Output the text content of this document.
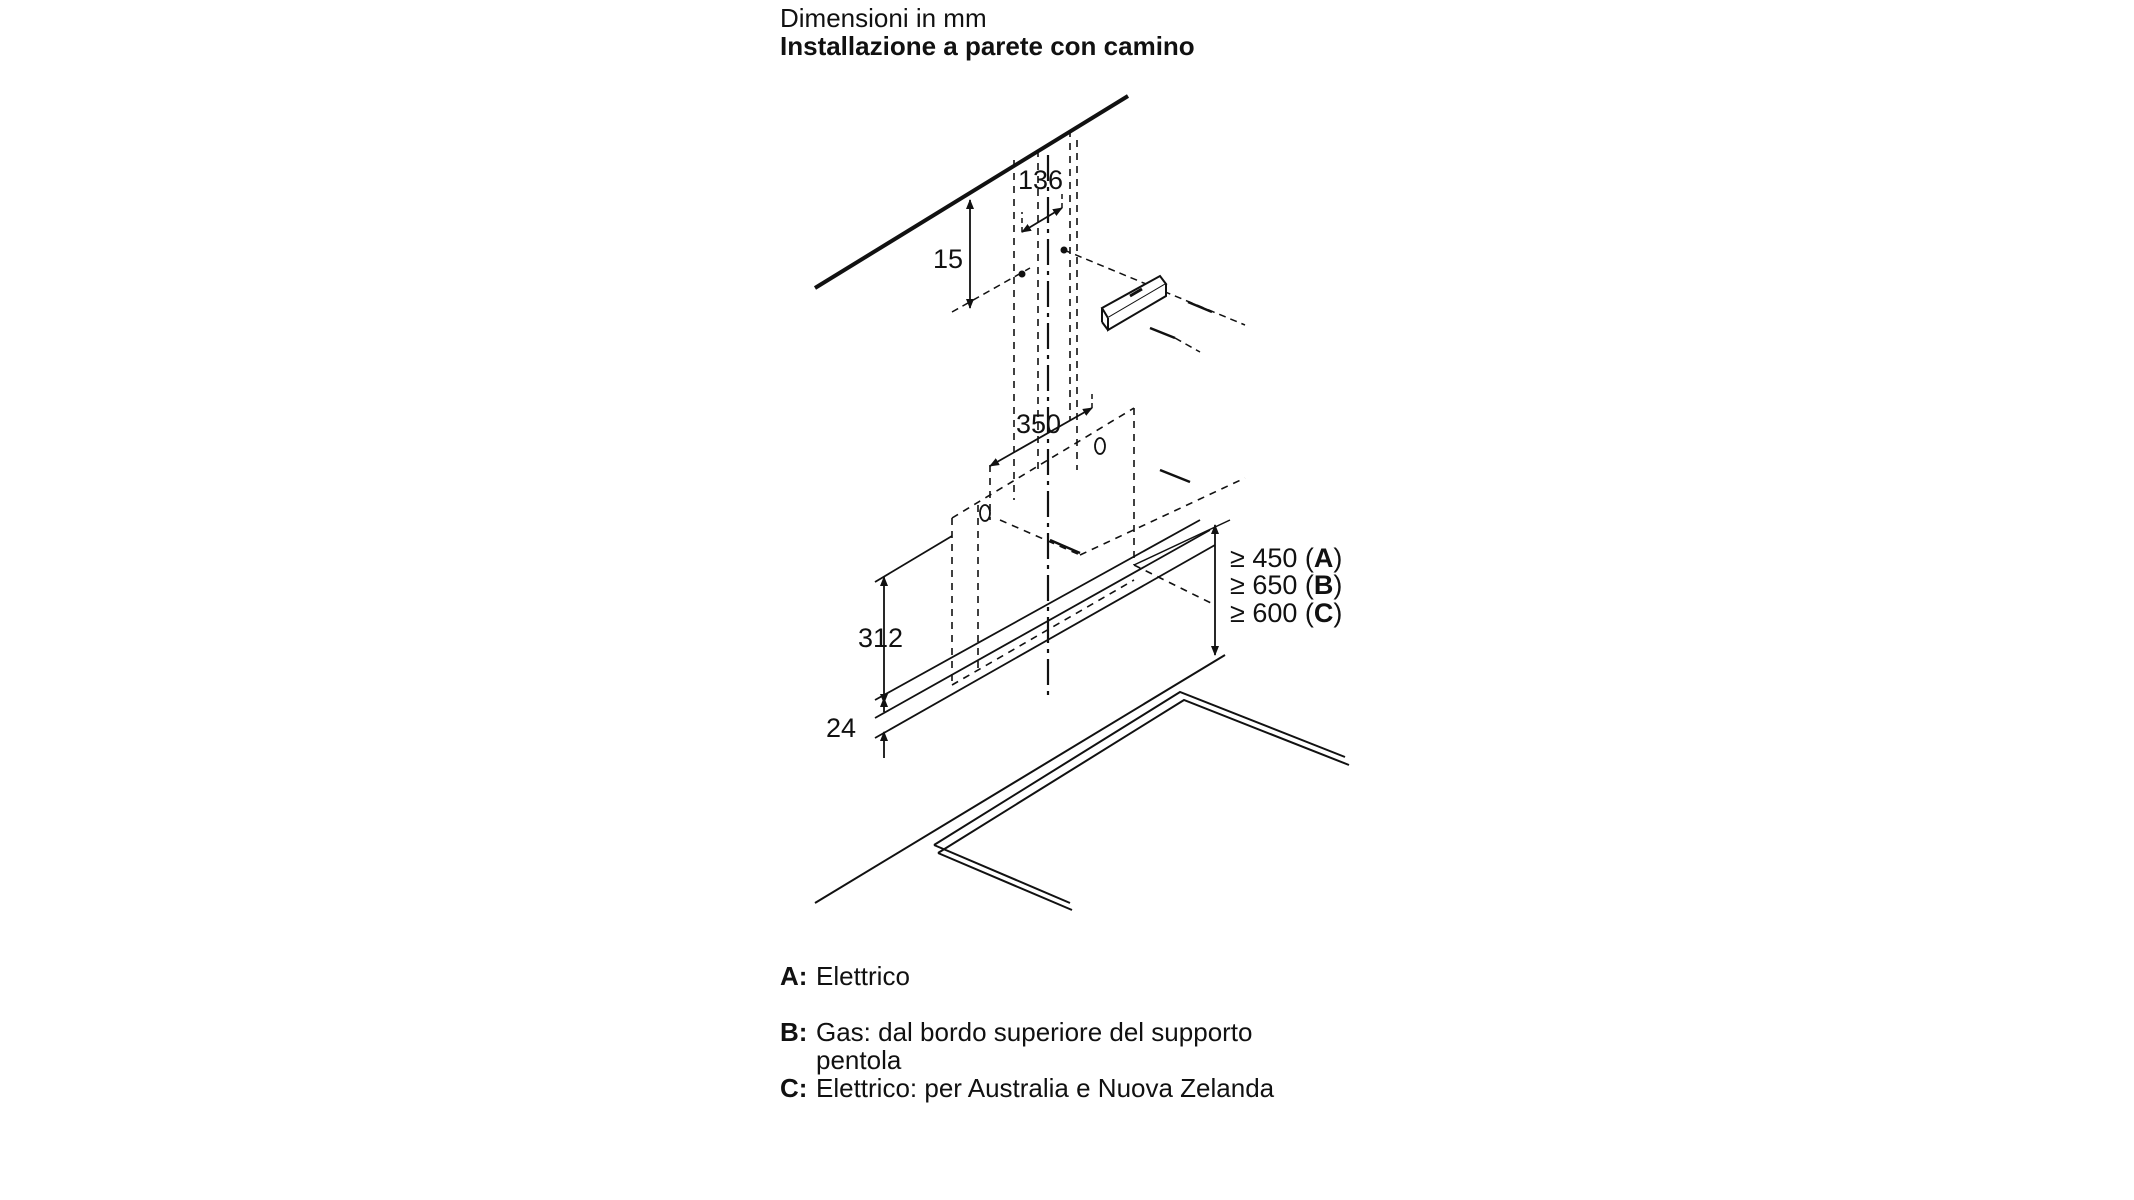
Dimensioni in mm
Installazione a parete con camino
136
15
350
≥ 450 (A)
≥ 650 (B)
≥ 600 (C)
312
24
A: Elettrico
B: Gas: dal bordo superiore del supporto pentola
C: Elettrico: per Australia e Nuova Zelanda
